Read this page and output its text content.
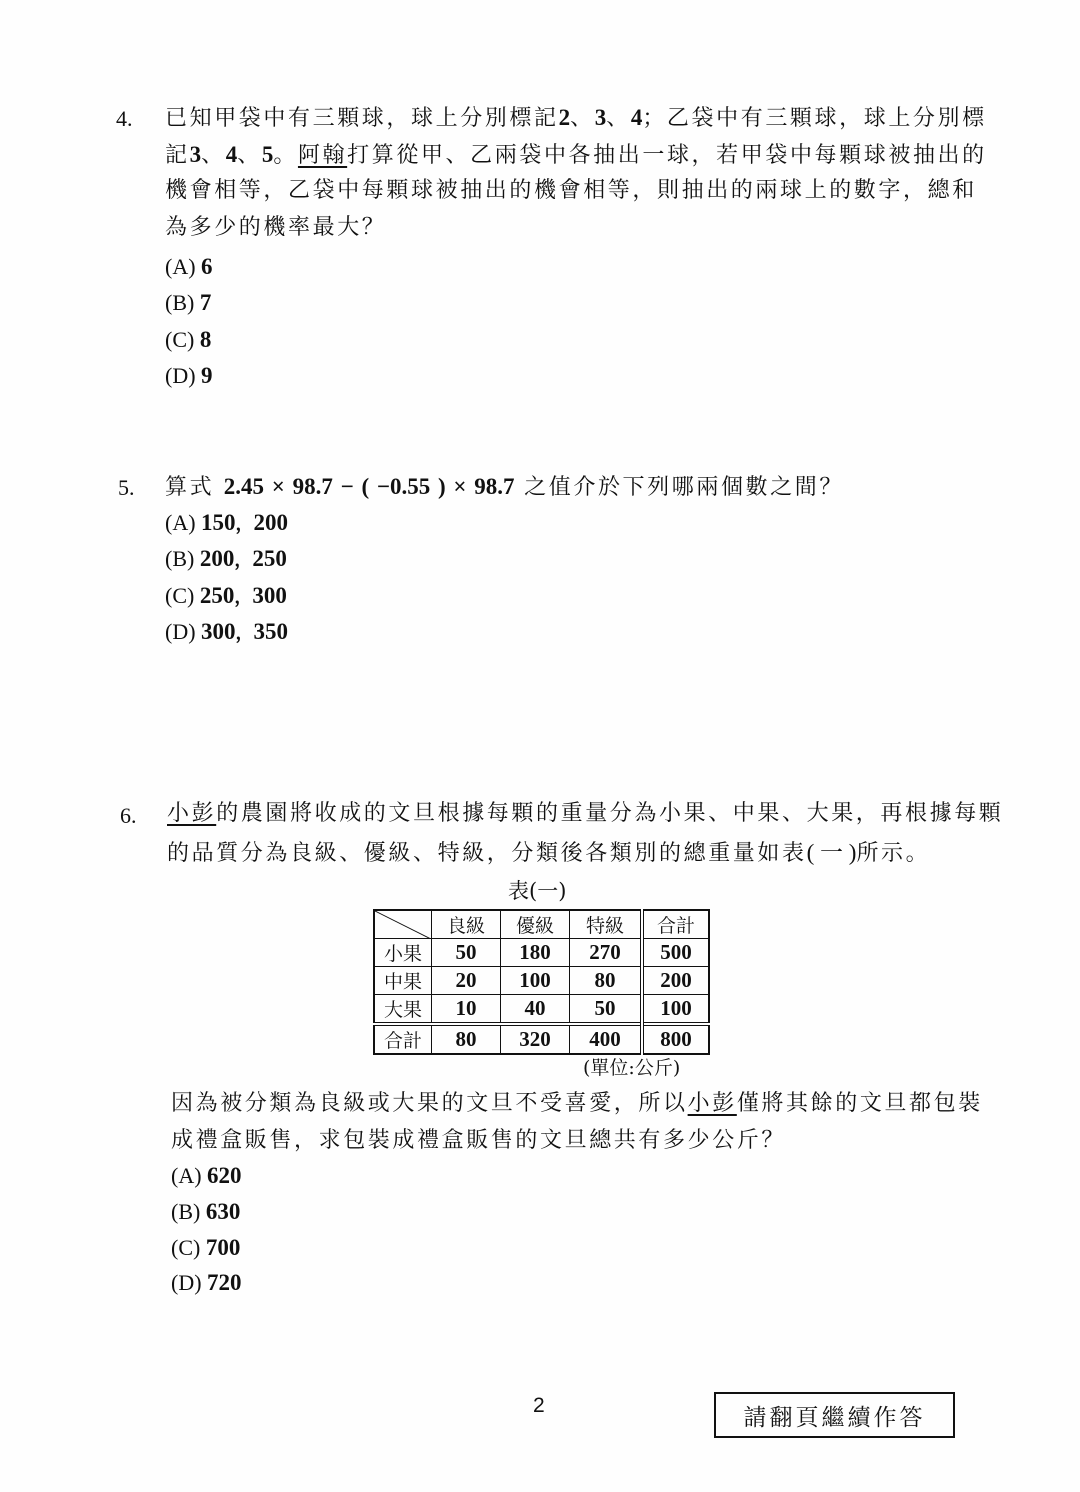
4. 已知甲袋中有三顆球，球上分別標記2、3、4；乙袋中有三顆球，球上分別標
記3、4、5。阿翰打算從甲、乙兩袋中各抽出一球，若甲袋中每顆球被抽出的
機會相等，乙袋中每顆球被抽出的機會相等，則抽出的兩球上的數字，總和
為多少的機率最大？
(A) 6
(B) 7
(C) 8
(D) 9
5. 算式 2.45 × 98.7 − ( −0.55 ) × 98.7 之值介於下列哪兩個數之間？
(A) 150，200
(B) 200，250
(C) 250，300
(D) 300，350
6. 小彭的農園將收成的文旦根據每顆的重量分為小果、中果、大果，再根據每顆
的品質分為良級、優級、特級，分類後各類別的總重量如表( 一 )所示。
表(一)
	良級	優級	特級	合計
小果	50	180	270	500
中果	20	100	80	200
大果	10	40	50	100
合計	80	320	400	800
(單位:公斤)
因為被分類為良級或大果的文旦不受喜愛，所以小彭僅將其餘的文旦都包裝
成禮盒販售，求包裝成禮盒販售的文旦總共有多少公斤？
(A) 620
(B) 630
(C) 700
(D) 720
2	請翻頁繼續作答
